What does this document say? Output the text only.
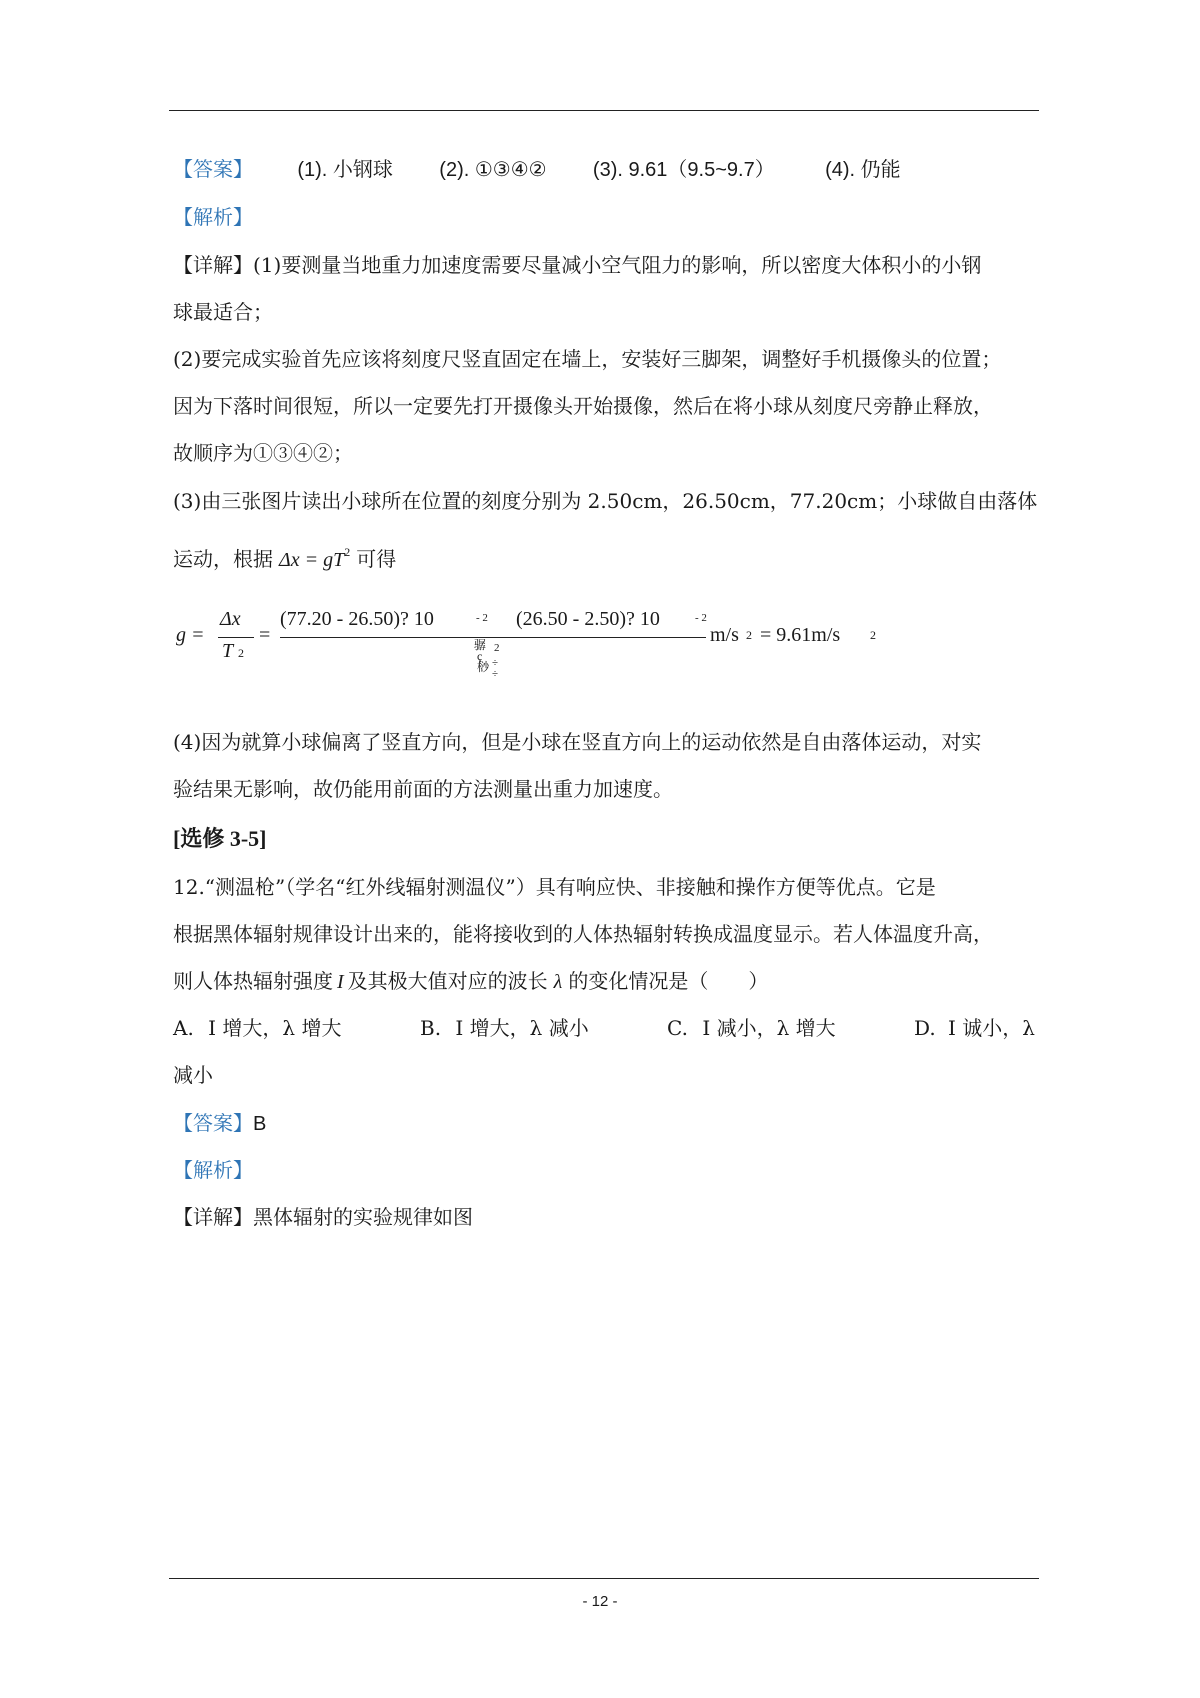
【答案】 (1). 小钢球 (2). ①③④② (3). 9.61（9.5~9.7）	(4). 仍能
【解析】
【详解】(1)要测量当地重力加速度需要尽量减小空气阻力的影响，所以密度大体积小的小钢
球最适合；
(2)要完成实验首先应该将刻度尺竖直固定在墙上，安装好三脚架，调整好手机摄像头的位置；
因为下落时间很短，所以一定要先打开摄像头开始摄像，然后在将小球从刻度尺旁静止释放，
故顺序为①③④②；
(3)由三张图片读出小球所在位置的刻度分别为 2.50cm，26.50cm，77.20cm；小球做自由落体
运动，根据 $\Delta x = gT^2$ 可得
g =
Δx
T 2
=
(77.20 - 26.50)? 10	- 2 (26.50 - 2.50)? 10	- 2
骣
ç
桫 ÷
÷
2
m/s 2 = 9.61m/s 2
(4)因为就算小球偏离了竖直方向，但是小球在竖直方向上的运动依然是自由落体运动，对实
验结果无影响，故仍能用前面的方法测量出重力加速度。
[选修 3-5]
12.“测温枪”（学名“红外线辐射测温仪”）具有响应快、非接触和操作方便等优点。它是
根据黑体辐射规律设计出来的，能将接收到的人体热辐射转换成温度显示。若人体温度升高，
则人体热辐射强度 I 及其极大值对应的波长 λ 的变化情况是（　　）
A. I 增大，λ 增大	B. I 增大，λ 减小	C. I 减小，λ 增大	D. I 诚小，λ
减小
【答案】B
【解析】
【详解】黑体辐射的实验规律如图
- 12 -
